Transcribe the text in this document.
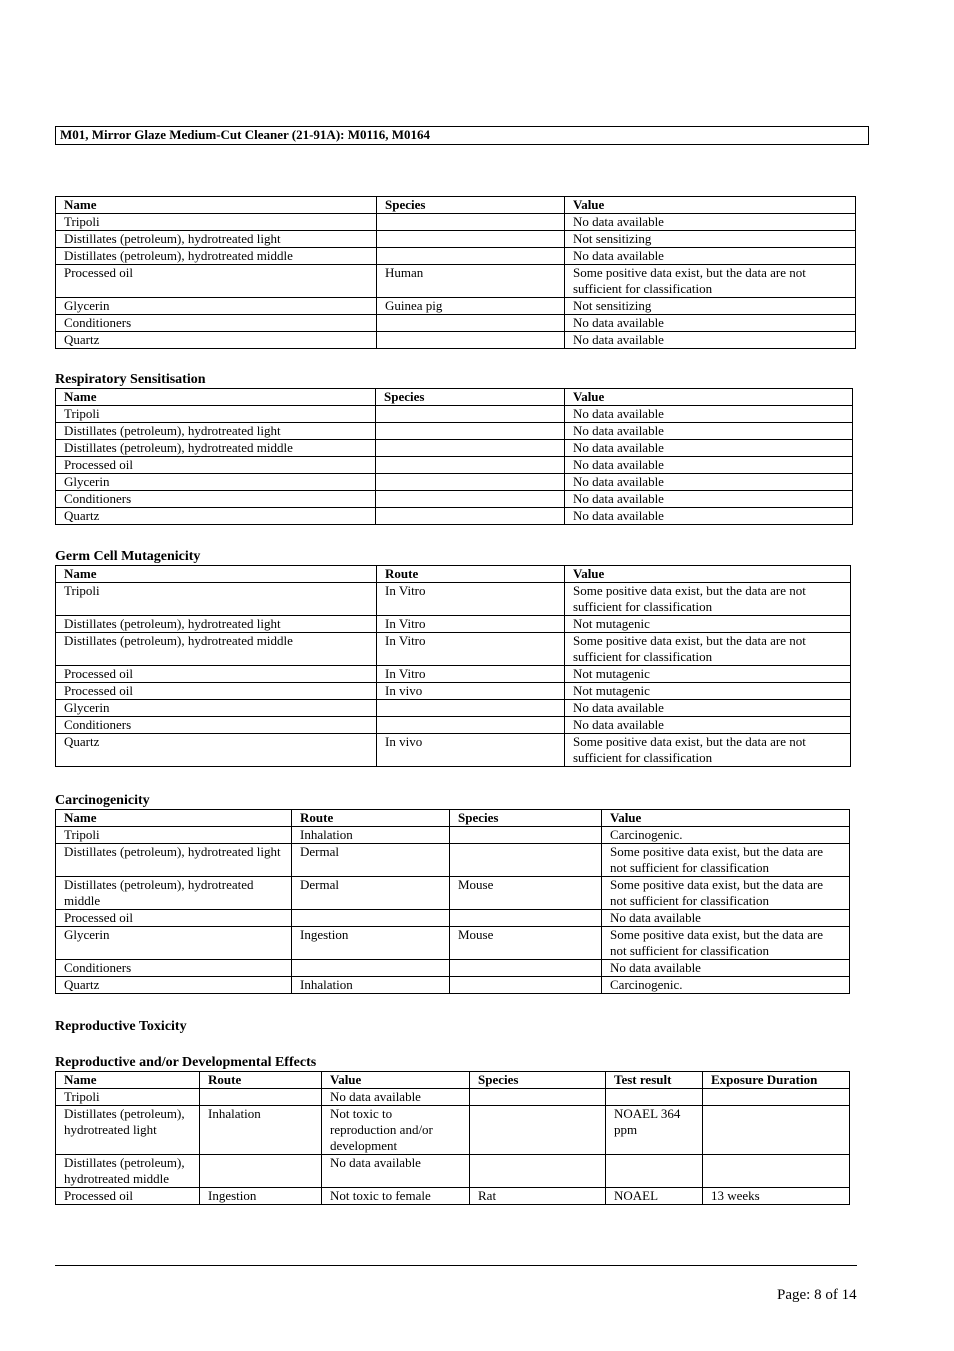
M01, Mirror Glaze Medium-Cut Cleaner (21-91A): M0116, M0164
Name	Species	Value
Tripoli		No data available
Distillates (petroleum), hydrotreated light		Not sensitizing
Distillates (petroleum), hydrotreated middle		No data available
Processed oil	Human	Some positive data exist, but the data are not sufficient for classification
Glycerin	Guinea pig	Not sensitizing
Conditioners		No data available
Quartz		No data available

Respiratory Sensitisation

Name	Species	Value
Tripoli		No data available
Distillates (petroleum), hydrotreated light		No data available
Distillates (petroleum), hydrotreated middle		No data available
Processed oil		No data available
Glycerin		No data available
Conditioners		No data available
Quartz		No data available

Germ Cell Mutagenicity

Name	Route	Value
Tripoli	In Vitro	Some positive data exist, but the data are not sufficient for classification
Distillates (petroleum), hydrotreated light	In Vitro	Not mutagenic
Distillates (petroleum), hydrotreated middle	In Vitro	Some positive data exist, but the data are not sufficient for classification
Processed oil	In Vitro	Not mutagenic
Processed oil	In vivo	Not mutagenic
Glycerin		No data available
Conditioners		No data available
Quartz	In vivo	Some positive data exist, but the data are not sufficient for classification

Carcinogenicity

Name	Route	Species	Value
Tripoli	Inhalation		Carcinogenic.
Distillates (petroleum), hydrotreated light	Dermal		Some positive data exist, but the data are not sufficient for classification
Distillates (petroleum), hydrotreated middle	Dermal	Mouse	Some positive data exist, but the data are not sufficient for classification
Processed oil			No data available
Glycerin	Ingestion	Mouse	Some positive data exist, but the data are not sufficient for classification
Conditioners			No data available
Quartz	Inhalation		Carcinogenic.

Reproductive Toxicity

Reproductive and/or Developmental Effects

Name	Route	Value	Species	Test result	Exposure Duration
Tripoli		No data available			
Distillates (petroleum), hydrotreated light	Inhalation	Not toxic to reproduction and/or development		NOAEL 364 ppm	
Distillates (petroleum), hydrotreated middle		No data available			
Processed oil	Ingestion	Not toxic to female	Rat	NOAEL	13 weeks
Page: 8 of 14
